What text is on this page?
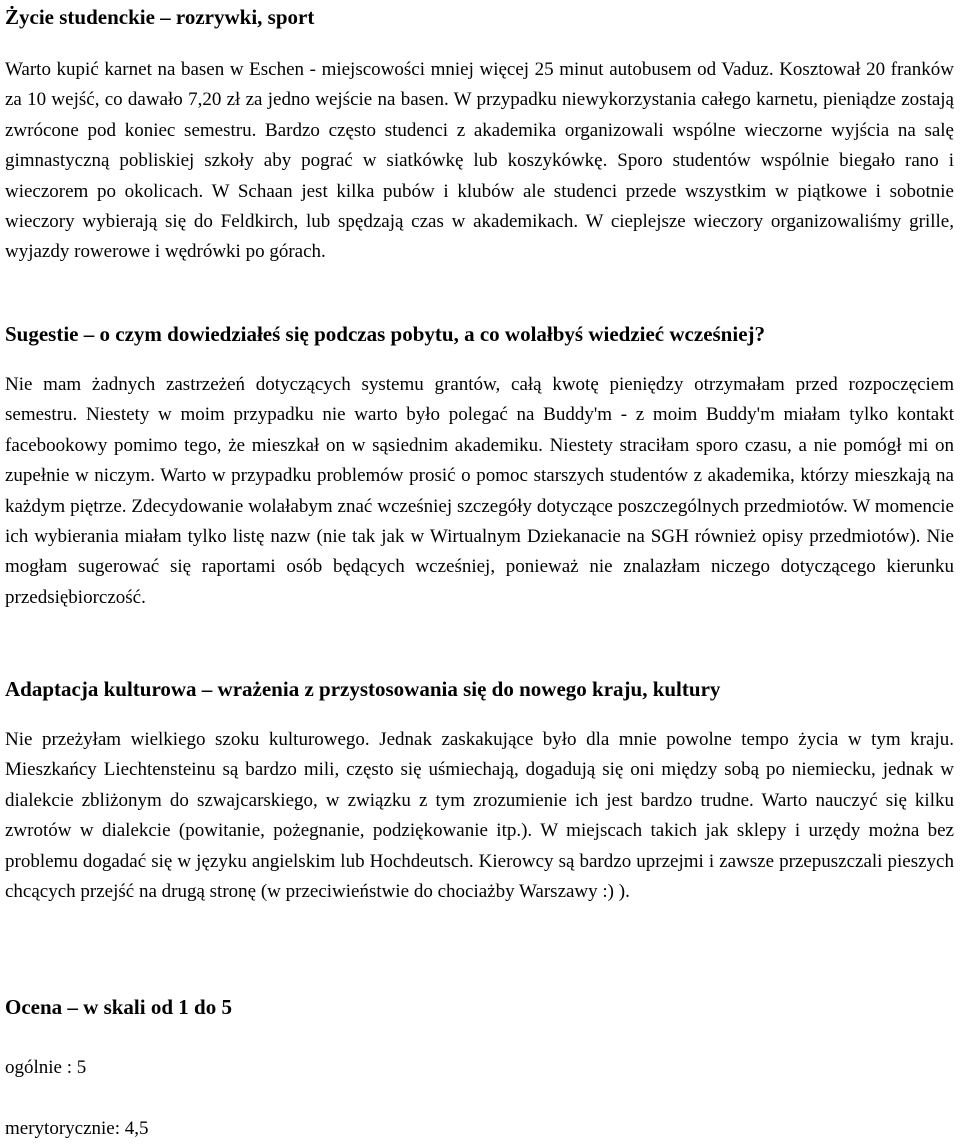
Życie studenckie – rozrywki, sport

Warto kupić karnet na basen w Eschen - miejscowości mniej więcej 25 minut autobusem od Vaduz. Kosztował 20 franków za 10 wejść, co dawało 7,20 zł za jedno wejście na basen. W przypadku niewykorzystania całego karnetu, pieniądze zostają zwrócone pod koniec semestru. Bardzo często studenci z akademika organizowali wspólne wieczorne wyjścia na salę gimnastyczną pobliskiej szkoły aby pograć w siatkówkę lub koszykówkę. Sporo studentów wspólnie biegało rano i wieczorem po okolicach. W Schaan jest kilka pubów i klubów ale studenci przede wszystkim w piątkowe i sobotnie wieczory wybierają się do Feldkirch, lub spędzają czas w akademikach. W cieplejsze wieczory organizowaliśmy grille, wyjazdy rowerowe i wędrówki po górach.

Sugestie – o czym dowiedziałeś się podczas pobytu, a co wolałbyś wiedzieć wcześniej?

Nie mam żadnych zastrzeżeń dotyczących systemu grantów, całą kwotę pieniędzy otrzymałam przed rozpoczęciem semestru. Niestety w moim przypadku nie warto było polegać na Buddy'm - z moim Buddy'm miałam tylko kontakt facebookowy pomimo tego, że mieszkał on w sąsiednim akademiku. Niestety straciłam sporo czasu, a nie pomógł mi on zupełnie w niczym. Warto w przypadku problemów prosić o pomoc starszych studentów z akademika, którzy mieszkają na każdym piętrze. Zdecydowanie wolałabym znać wcześniej szczegóły dotyczące poszczególnych przedmiotów. W momencie ich wybierania miałam tylko listę nazw (nie tak jak w Wirtualnym Dziekanacie na SGH również opisy przedmiotów). Nie mogłam sugerować się raportami osób będących wcześniej, ponieważ nie znalazłam niczego dotyczącego kierunku przedsiębiorczość.

Adaptacja kulturowa – wrażenia z przystosowania się do nowego kraju, kultury

Nie przeżyłam wielkiego szoku kulturowego. Jednak zaskakujące było dla mnie powolne tempo życia w tym kraju. Mieszkańcy Liechtensteinu są bardzo mili, często się uśmiechają, dogadują się oni między sobą po niemiecku, jednak w dialekcie zbliżonym do szwajcarskiego, w związku z tym zrozumienie ich jest bardzo trudne. Warto nauczyć się kilku zwrotów w dialekcie (powitanie, pożegnanie, podziękowanie itp.). W miejscach takich jak sklepy i urzędy można bez problemu dogadać się w języku angielskim lub Hochdeutsch. Kierowcy są bardzo uprzejmi i zawsze przepuszczali pieszych chcących przejść na drugą stronę (w przeciwieństwie do chociażby Warszawy :) ).

Ocena – w skali od 1 do 5

ogólnie : 5

merytorycznie: 4,5
